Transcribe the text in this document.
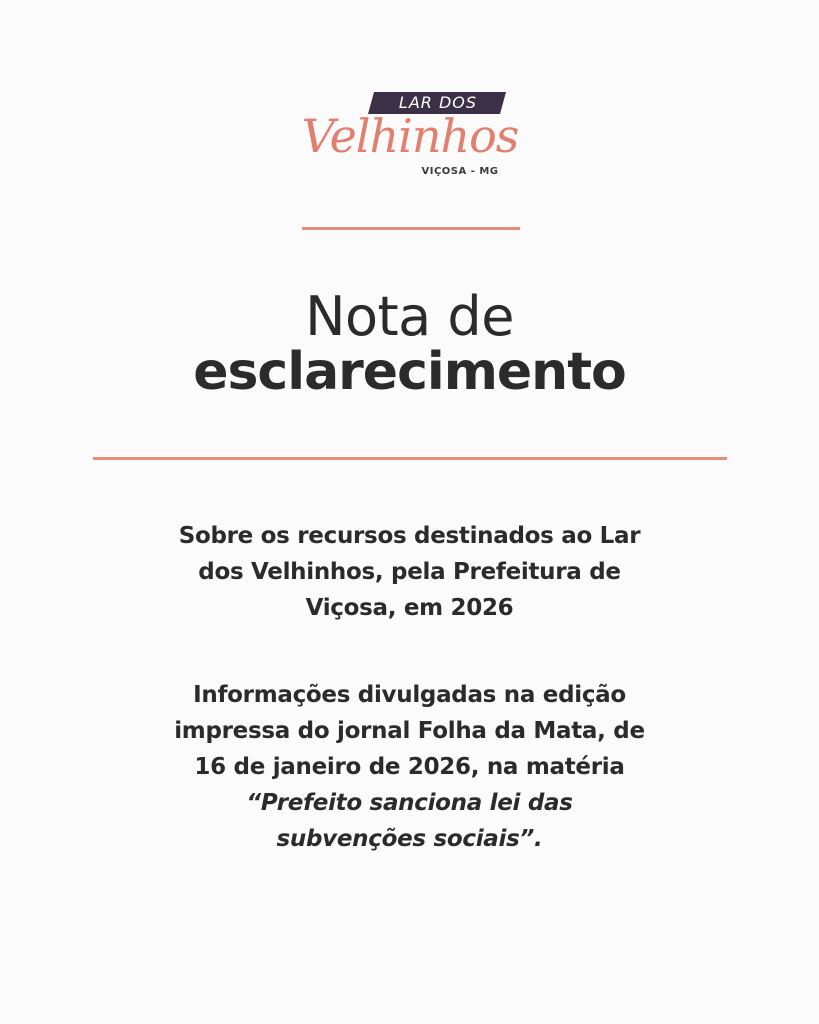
LAR DOS
Velhinhos
VIÇOSA - MG
Nota de
esclarecimento
Sobre os recursos destinados ao Lar
dos Velhinhos, pela Prefeitura de
Viçosa, em 2026
Informações divulgadas na edição
impressa do jornal Folha da Mata, de
16 de janeiro de 2026, na matéria
“Prefeito sanciona lei das
subvenções sociais”.
